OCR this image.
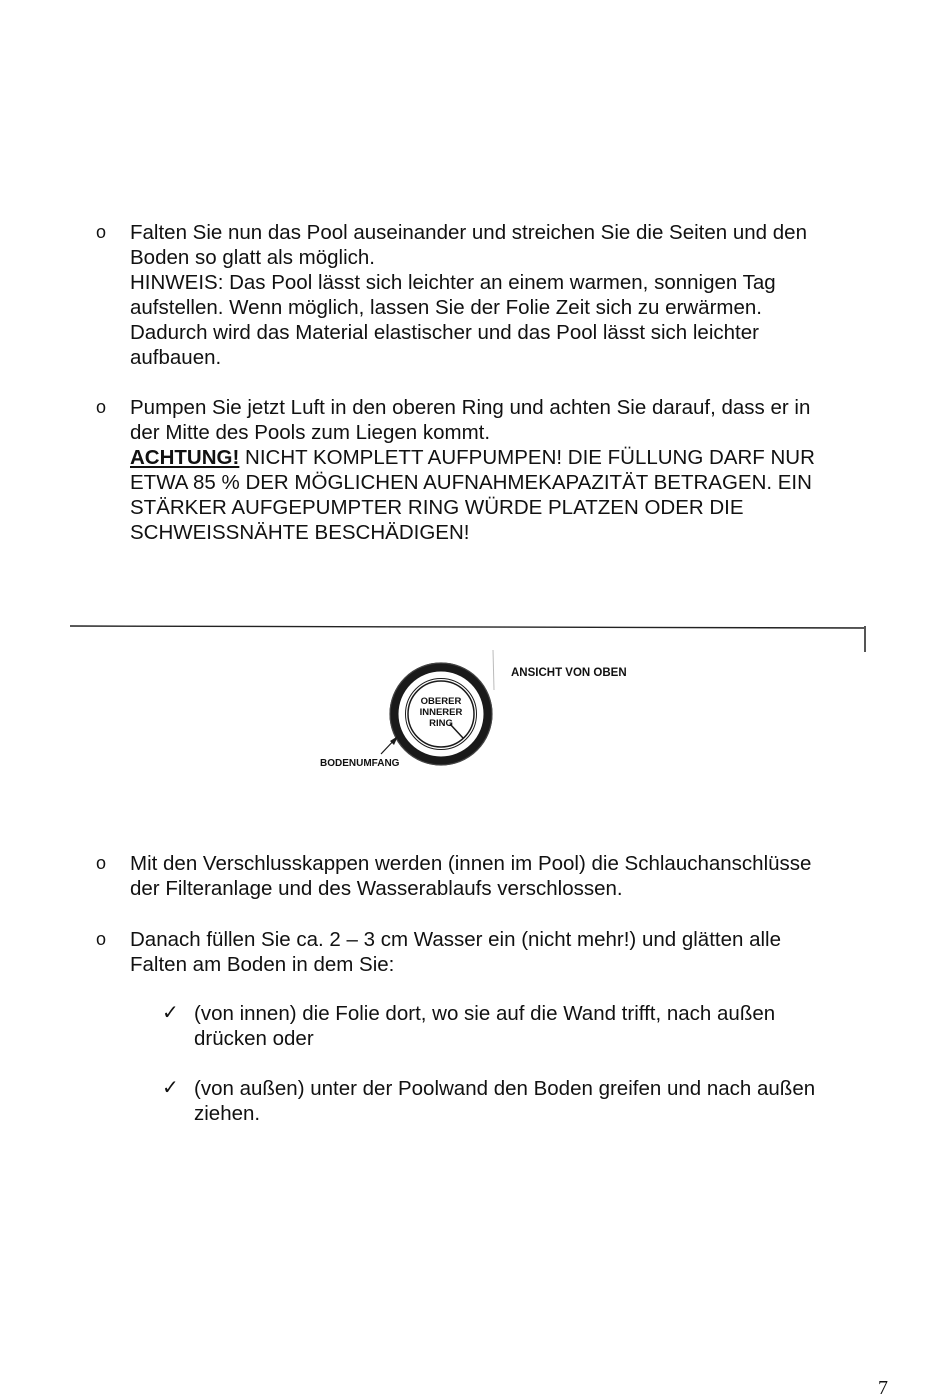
o Falten Sie nun das Pool auseinander und streichen Sie die Seiten und den

Boden so glatt als möglich.

HINWEIS: Das Pool lässt sich leichter an einem warmen, sonnigen Tag

aufstellen. Wenn möglich, lassen Sie der Folie Zeit sich zu erwärmen.

Dadurch wird das Material elastischer und das Pool lässt sich leichter

aufbauen.

o Pumpen Sie jetzt Luft in den oberen Ring und achten Sie darauf, dass er in

der Mitte des Pools zum Liegen kommt.

ACHTUNG! NICHT KOMPLETT AUFPUMPEN! DIE FÜLLUNG DARF NUR

ETWA 85 % DER MÖGLICHEN AUFNAHMEKAPAZITÄT BETRAGEN. EIN

STÄRKER AUFGEPUMPTER RING WÜRDE PLATZEN ODER DIE

SCHWEISSNÄHTE BESCHÄDIGEN!

OBERER
INNERER
RING
BODENUMFANG
ANSICHT VON OBEN
o Mit den Verschlusskappen werden (innen im Pool) die Schlauchanschlüsse

der Filteranlage und des Wasserablaufs verschlossen.

o Danach füllen Sie ca. 2 – 3 cm Wasser ein (nicht mehr!) und glätten alle

Falten am Boden in dem Sie:

✓ (von innen) die Folie dort, wo sie auf die Wand trifft, nach außen
drücken oder
✓ (von außen) unter der Poolwand den Boden greifen und nach außen
ziehen.
7
